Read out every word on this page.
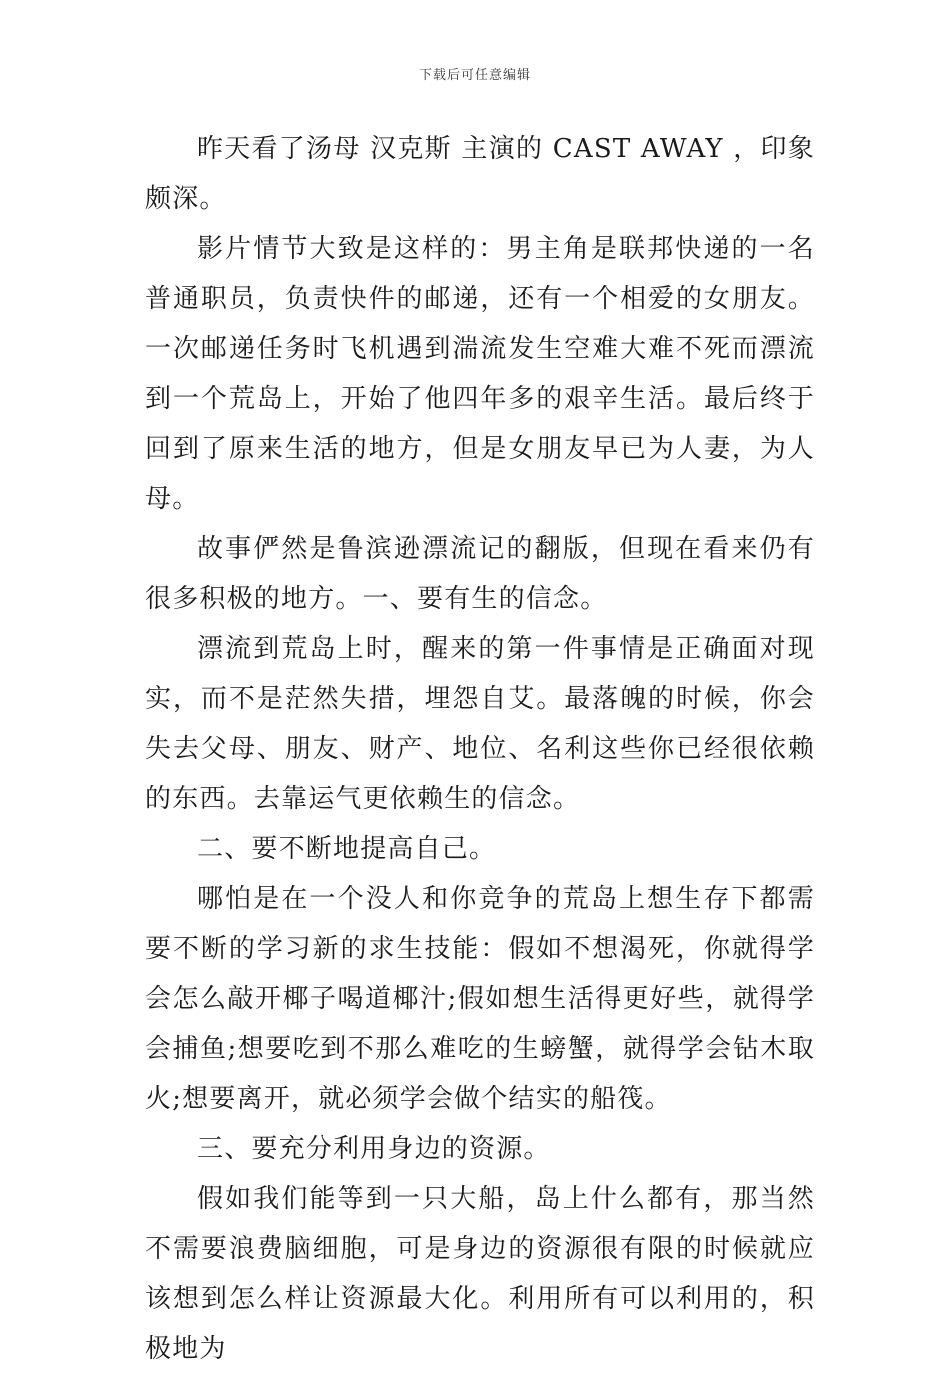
下载后可任意编辑

昨天看了汤母 汉克斯 主演的 CAST AWAY ，印象颇深。

影片情节大致是这样的：男主角是联邦快递的一名普通职员，负责快件的邮递，还有一个相爱的女朋友。一次邮递任务时飞机遇到湍流发生空难大难不死而漂流到一个荒岛上，开始了他四年多的艰辛生活。最后终于回到了原来生活的地方，但是女朋友早已为人妻，为人母。

故事俨然是鲁滨逊漂流记的翻版，但现在看来仍有很多积极的地方。一、要有生的信念。

漂流到荒岛上时，醒来的第一件事情是正确面对现实，而不是茫然失措，埋怨自艾。最落魄的时候，你会失去父母、朋友、财产、地位、名利这些你已经很依赖的东西。去靠运气更依赖生的信念。

二、要不断地提高自己。

哪怕是在一个没人和你竞争的荒岛上想生存下都需要不断的学习新的求生技能：假如不想渴死，你就得学会怎么敲开椰子喝道椰汁;假如想生活得更好些，就得学会捕鱼;想要吃到不那么难吃的生螃蟹，就得学会钻木取火;想要离开，就必须学会做个结实的船筏。

三、要充分利用身边的资源。

假如我们能等到一只大船，岛上什么都有，那当然不需要浪费脑细胞，可是身边的资源很有限的时候就应该想到怎么样让资源最大化。利用所有可以利用的，积极地为
